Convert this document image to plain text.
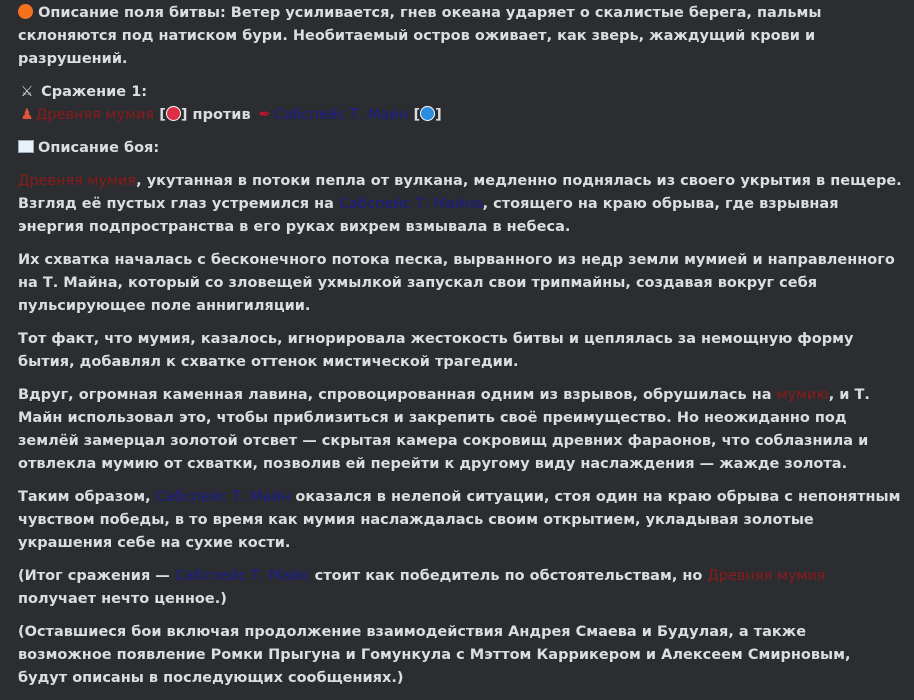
Описание поля битвы: Ветер усиливается, гнев океана ударяет о скалистые берега, пальмы склоняются под натиском бури. Необитаемый остров оживает, как зверь, жаждущий крови и разрушений.
⚔ Сражение 1:
♟ Древняя мумия [ ] против ✒ Сабспейс Т. Майн [ ]
Описание боя:
Древняя мумия, укутанная в потоки пепла от вулкана, медленно поднялась из своего укрытия в пещере. Взгляд её пустых глаз устремился на Сабспейс Т. Майна, стоящего на краю обрыва, где взрывная энергия подпространства в его руках вихрем взмывала в небеса.
Их схватка началась с бесконечного потока песка, вырванного из недр земли мумией и направленного на Т. Майна, который со зловещей ухмылкой запускал свои трипмайны, создавая вокруг себя пульсирующее поле аннигиляции.
Тот факт, что мумия, казалось, игнорировала жестокость битвы и цеплялась за немощную форму бытия, добавлял к схватке оттенок мистической трагедии.
Вдруг, огромная каменная лавина, спровоцированная одним из взрывов, обрушилась на мумию, и Т. Майн использовал это, чтобы приблизиться и закрепить своё преимущество. Но неожиданно под землёй замерцал золотой отсвет — скрытая камера сокровищ древних фараонов, что соблазнила и отвлекла мумию от схватки, позволив ей перейти к другому виду наслаждения — жажде золота.
Таким образом, Сабспейс Т. Майн оказался в нелепой ситуации, стоя один на краю обрыва с непонятным чувством победы, в то время как мумия наслаждалась своим открытием, укладывая золотые украшения себе на сухие кости.
(Итог сражения — Сабспейс Т. Майн стоит как победитель по обстоятельствам, но Древняя мумия получает нечто ценное.)
(Оставшиеся бои включая продолжение взаимодействия Андрея Смаева и Будулая, а также возможное появление Ромки Прыгуна и Гомункула с Мэттом Каррикером и Алексеем Смирновым, будут описаны в последующих сообщениях.)
